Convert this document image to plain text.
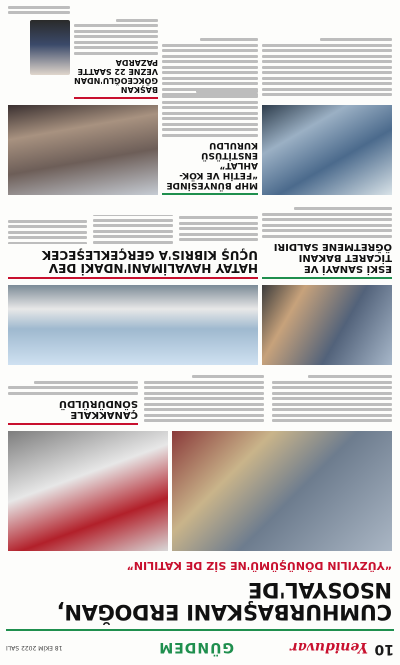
10
Yeniduvar
GÜNDEM
18 EKİM 2022 SALI
CUMHURBAŞKANI ERDOĞAN, NSOSYAL'DE
“YÜZYILIN DÖNÜŞÜMÜ'NE SİZ DE KATILIN”
ÇANAKKALE SÖNDÜRÜLDÜ
ESKİ SANAYİ VE TİCARET BAKANI ÖĞRETMENE SALDIRI
HATAY HAVALİMANI'NDAKİ DEV UÇUŞ KIBRIS'A GERÇEKLEŞECEK
MHP BÜNYESİNDE “FETİH VE KÖK-AHLAT” ENSTİTÜSÜ KURULDU
BAŞKAN GÖKCEOĞLU'NDAN VEZNE 22 SAATTE PAZARDA
